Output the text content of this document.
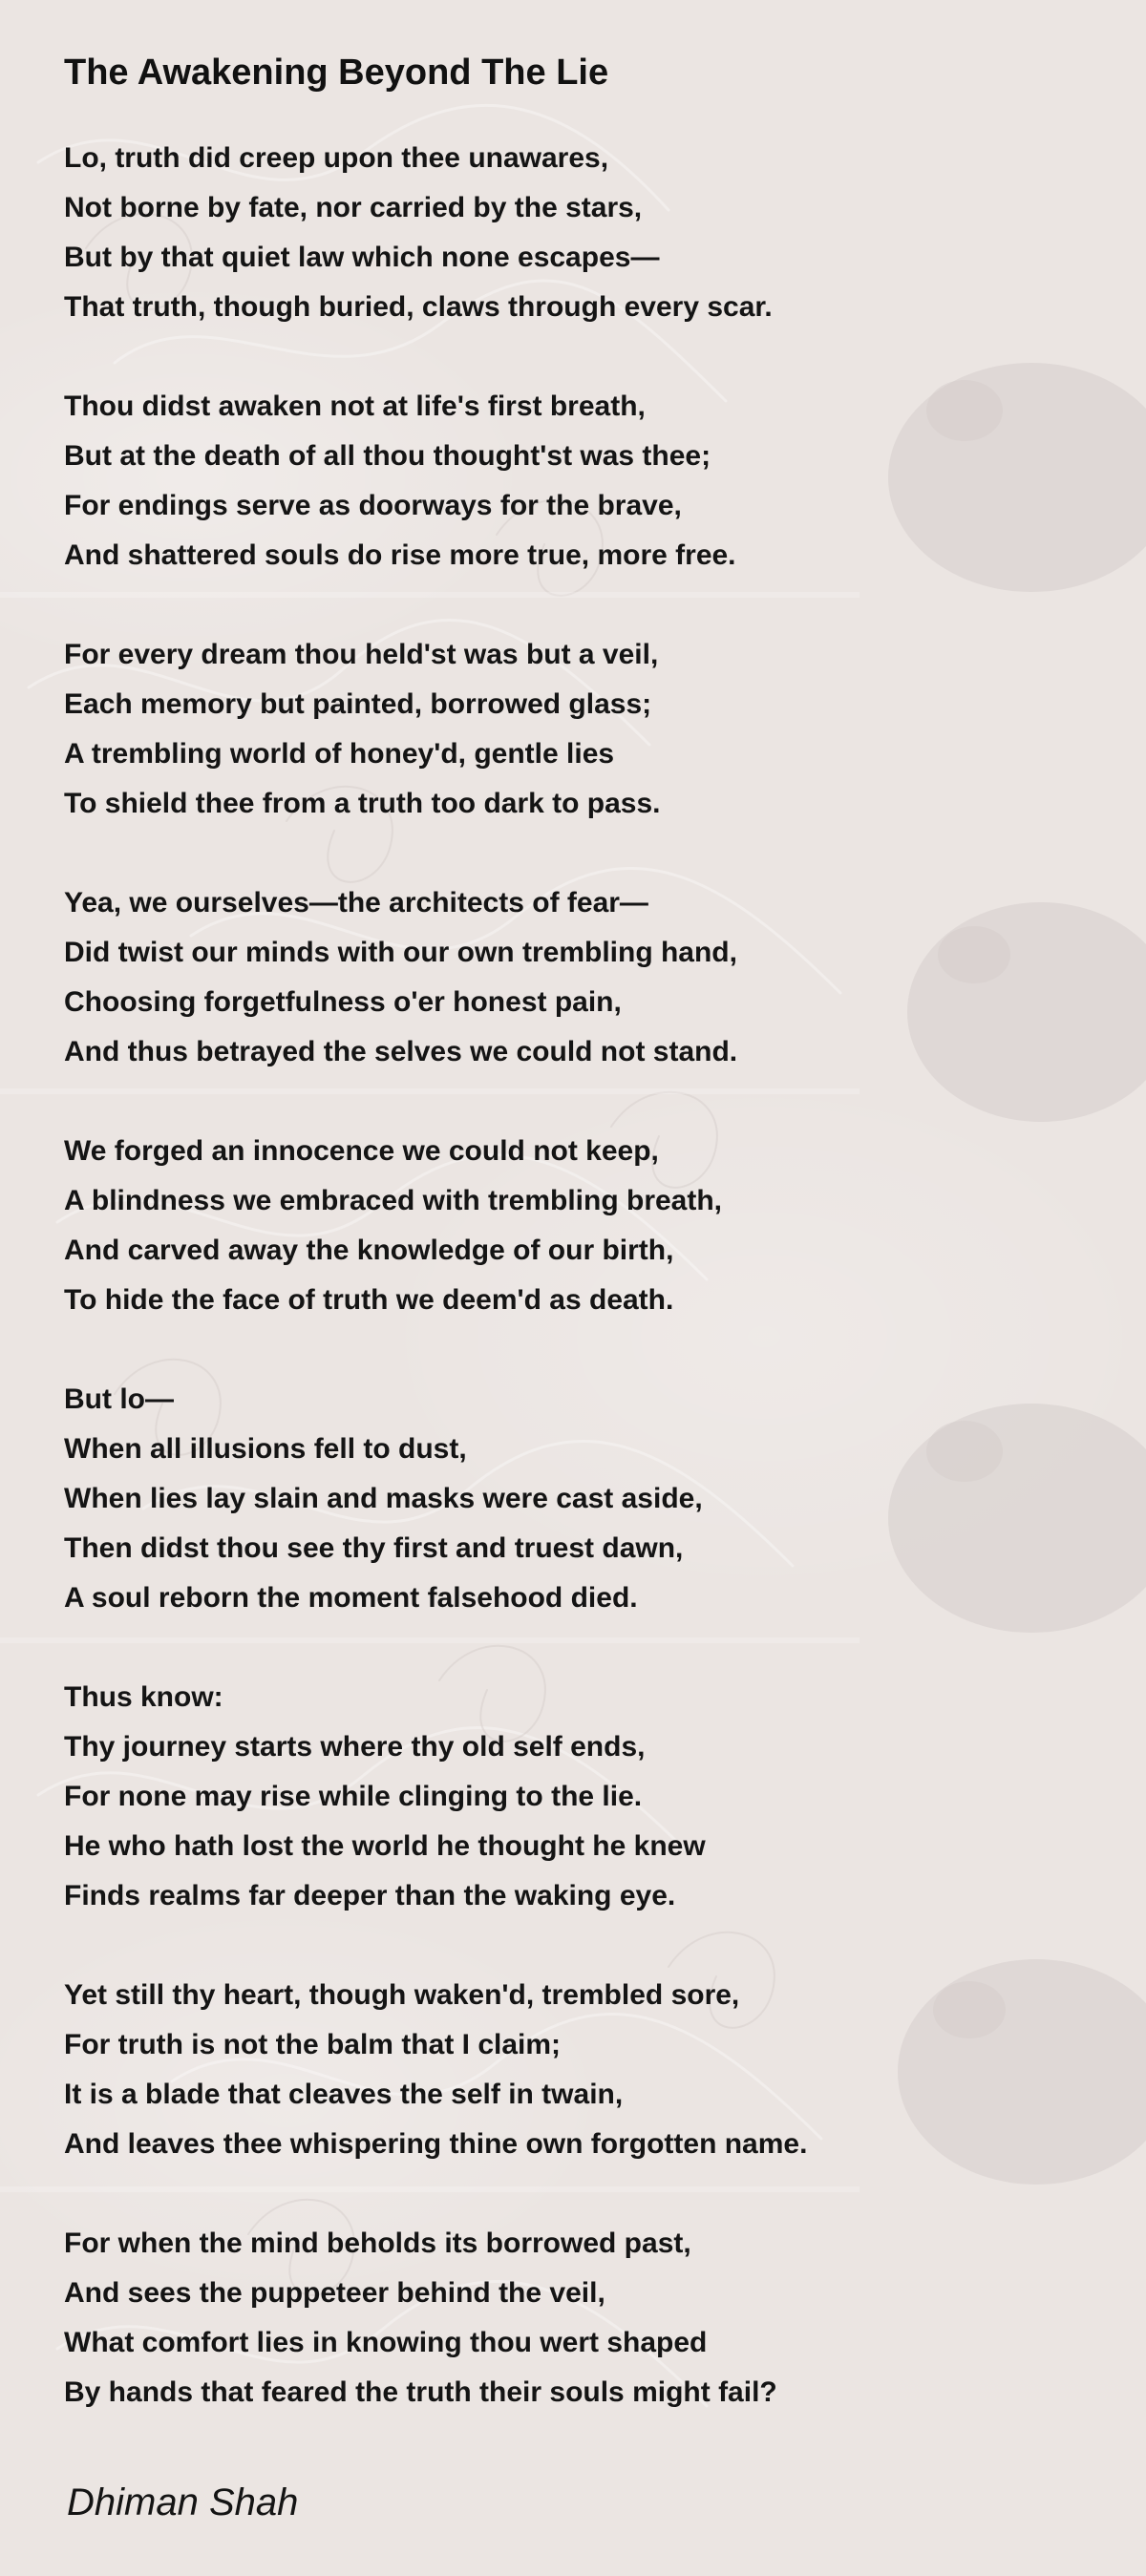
The Awakening Beyond The Lie
Lo, truth did creep upon thee unawares,
Not borne by fate, nor carried by the stars,
But by that quiet law which none escapes—
That truth, though buried, claws through every scar.
Thou didst awaken not at life's first breath,
But at the death of all thou thought'st was thee;
For endings serve as doorways for the brave,
And shattered souls do rise more true, more free.
For every dream thou held'st was but a veil,
Each memory but painted, borrowed glass;
A trembling world of honey'd, gentle lies
To shield thee from a truth too dark to pass.
Yea, we ourselves—the architects of fear—
Did twist our minds with our own trembling hand,
Choosing forgetfulness o'er honest pain,
And thus betrayed the selves we could not stand.
We forged an innocence we could not keep,
A blindness we embraced with trembling breath,
And carved away the knowledge of our birth,
To hide the face of truth we deem'd as death.
But lo—
When all illusions fell to dust,
When lies lay slain and masks were cast aside,
Then didst thou see thy first and truest dawn,
A soul reborn the moment falsehood died.
Thus know:
Thy journey starts where thy old self ends,
For none may rise while clinging to the lie.
He who hath lost the world he thought he knew
Finds realms far deeper than the waking eye.
Yet still thy heart, though waken'd, trembled sore,
For truth is not the balm that I claim;
It is a blade that cleaves the self in twain,
And leaves thee whispering thine own forgotten name.
For when the mind beholds its borrowed past,
And sees the puppeteer behind the veil,
What comfort lies in knowing thou wert shaped
By hands that feared the truth their souls might fail?

Dhiman Shah
